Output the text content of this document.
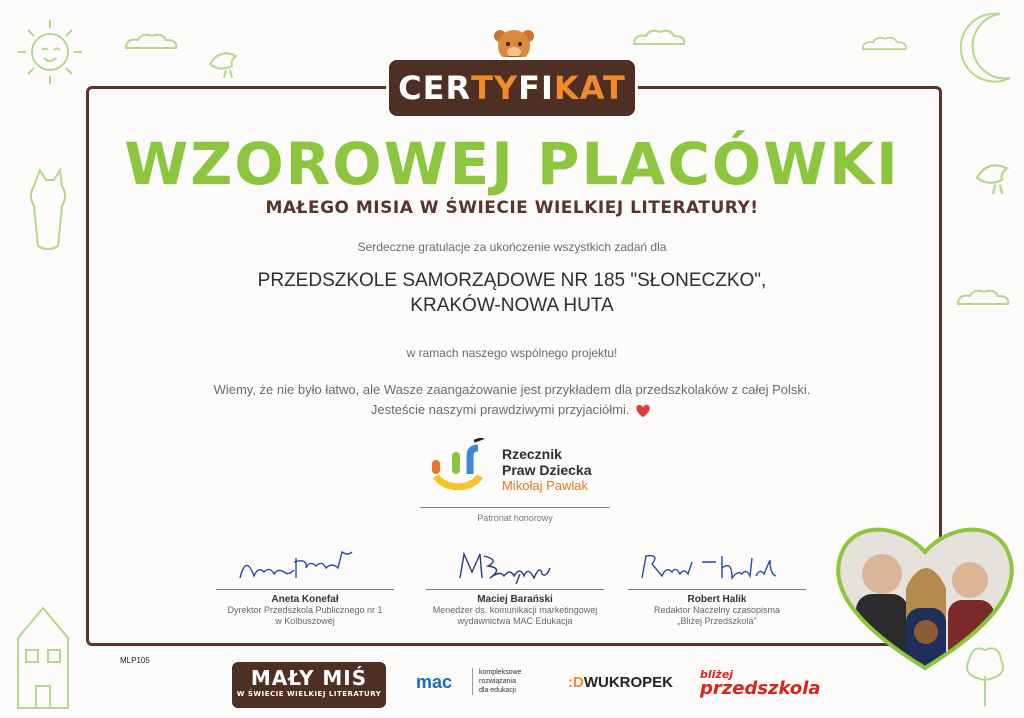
CER TY FI KAT
WZOROWEJ PLACÓWKI
MAŁEGO MISIA W ŚWIECIE WIELKIEJ LITERATURY!
Serdeczne gratulacje za ukończenie wszystkich zadań dla
PRZEDSZKOLE SAMORZĄDOWE NR 185 "SŁONECZKO",
KRAKÓW-NOWA HUTA
w ramach naszego wspólnego projektu!
Wiemy, że nie było łatwo, ale Wasze zaangażowanie jest przykładem dla przedszkolaków z całej Polski.
Jesteście naszymi prawdziwymi przyjaciółmi.
Rzecznik
Praw Dziecka
Mikołaj Pawlak
Patronat honorowy
Aneta Konefał
Dyrektor Przedszkola Publicznego nr 1
w Kolbuszowej
Maciej Barański
Menedżer ds. komunikacji marketingowej
wydawnictwa MAC Edukacja
Robert Halik
Redaktor Naczelny czasopisma
„Bliżej Przedszkola”
MLP105
MAŁY MIŚ
W ŚWIECIE WIELKIEJ LITERATURY
mac	kompleksowe
rozwiązania
dla edukacji	:DWUKROPEK bliżej
przedszkola
